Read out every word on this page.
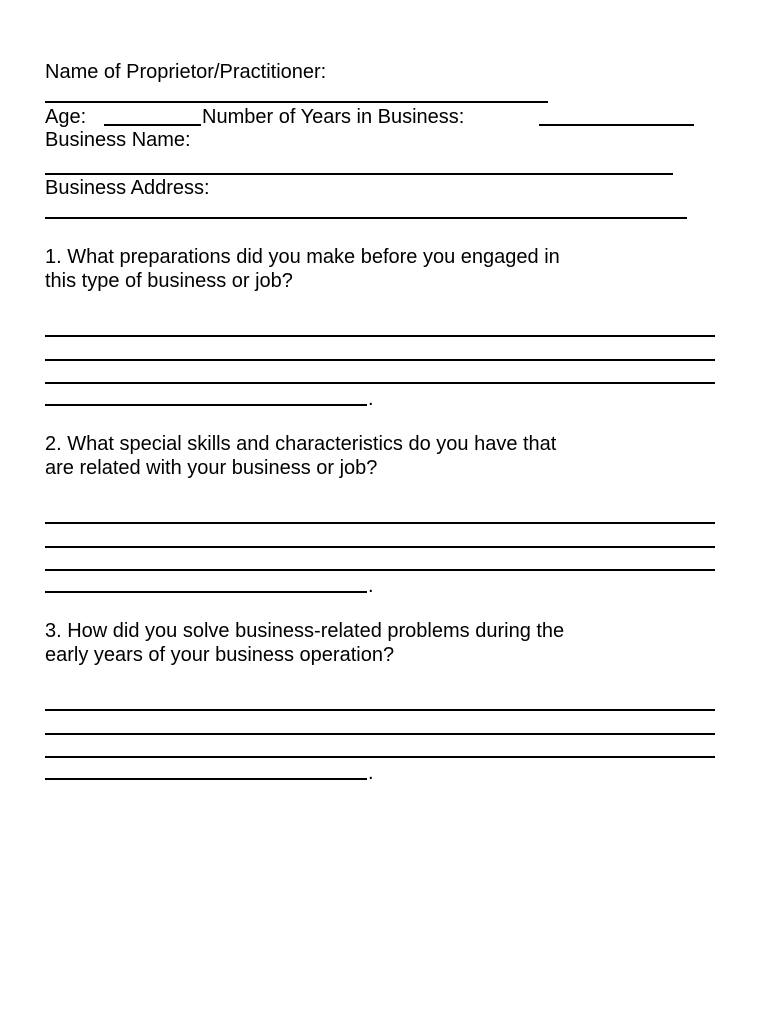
Name of Proprietor/Practitioner:
Age:	Number of Years in Business:
Business Name:
Business Address:
1. What preparations did you make before you engaged in
this type of business or job?
.
2. What special skills and characteristics do you have that
are related with your business or job?
.
3. How did you solve business-related problems during the
early years of your business operation?
.
